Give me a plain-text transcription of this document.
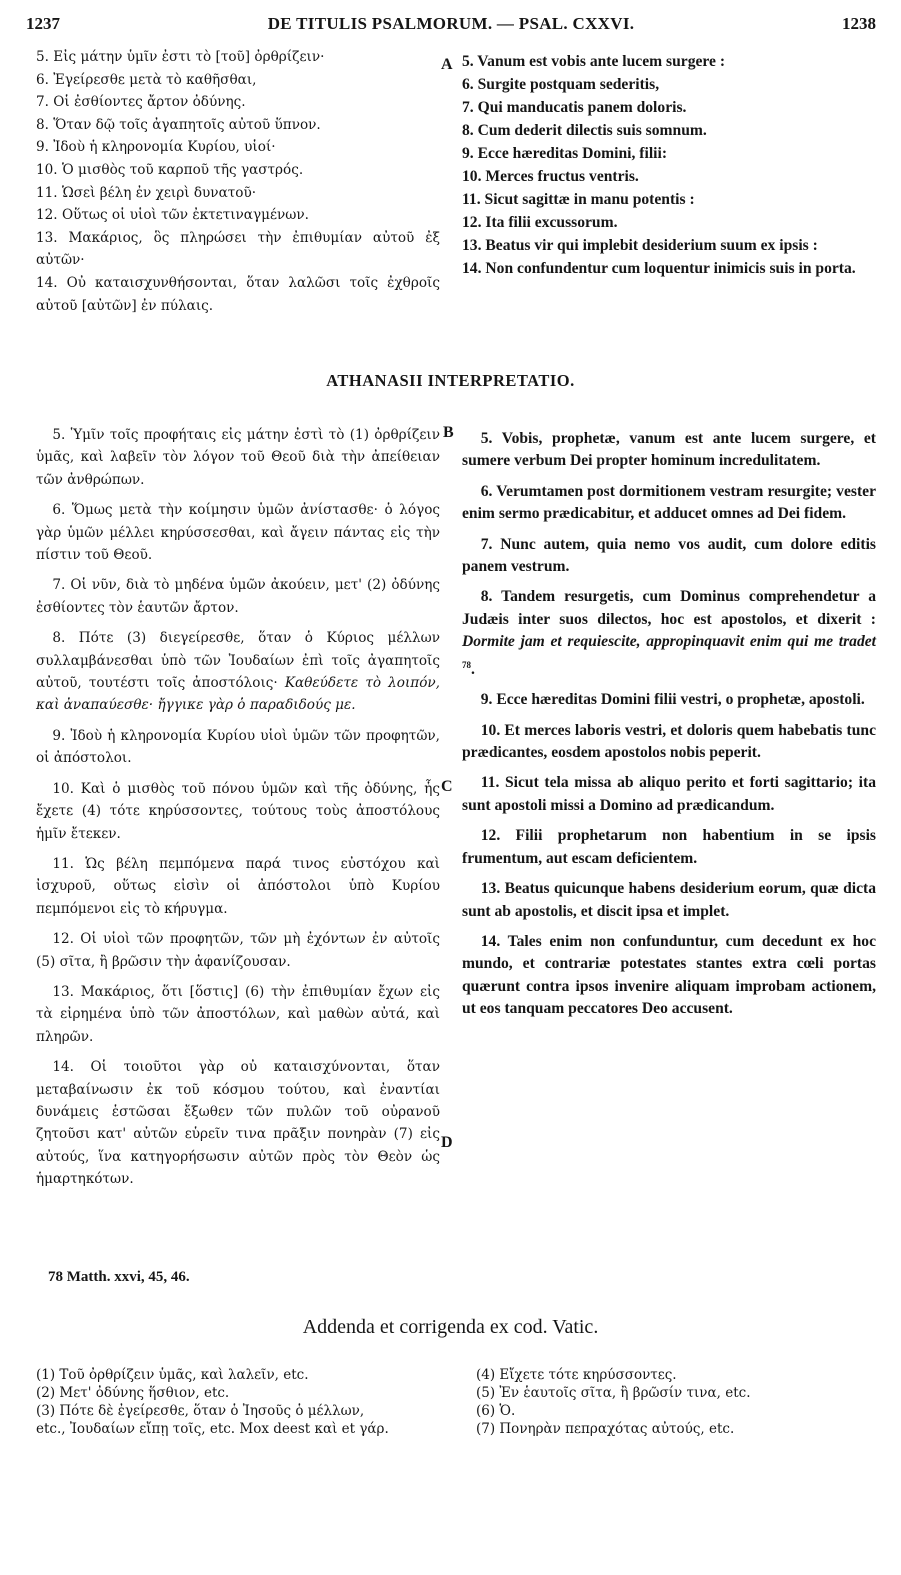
1237	DE TITULIS PSALMORUM. — PSAL. CXXVI.	1238

5. Εἰς μάτην ὑμῖν ἐστι τὸ [τοῦ] ὀρθρίζειν·

6. Ἐγείρεσθε μετὰ τὸ καθῆσθαι,

7. Οἱ ἐσθίοντες ἄρτον ὀδύνης.

8. Ὅταν δῷ τοῖς ἀγαπητοῖς αὐτοῦ ὕπνον.

9. Ἰδοὺ ἡ κληρονομία Κυρίου, υἱοί·

10. Ὁ μισθὸς τοῦ καρποῦ τῆς γαστρός.

11. Ὡσεὶ βέλη ἐν χειρὶ δυνατοῦ·

12. Οὕτως οἱ υἱοὶ τῶν ἐκτετιναγμένων.

13. Μακάριος, ὃς πληρώσει τὴν ἐπιθυμίαν αὐτοῦ ἐξ αὐτῶν·

14. Οὐ καταισχυνθήσονται, ὅταν λαλῶσι τοῖς ἐχθροῖς αὐτοῦ [αὐτῶν] ἐν πύλαις.

A 5. Vanum est vobis ante lucem surgere :

6. Surgite postquam sederitis,

7. Qui manducatis panem doloris.

8. Cum dederit dilectis suis somnum.

9. Ecce hæreditas Domini, filii:

10. Merces fructus ventris.

11. Sicut sagittæ in manu potentis :

12. Ita filii excussorum.

13. Beatus vir qui implebit desiderium suum ex ipsis :

14. Non confundentur cum loquentur inimicis suis in porta.

ATHANASII INTERPRETATIO.

5. Ὑμῖν τοῖς προφήταις εἰς μάτην ἐστὶ τὸ (1) ὀρθρίζειν ὑμᾶς, καὶ λαβεῖν τὸν λόγον τοῦ Θεοῦ διὰ τὴν ἀπείθειαν τῶν ἀνθρώπων.

6. Ὅμως μετὰ τὴν κοίμησιν ὑμῶν ἀνίστασθε· ὁ λόγος γὰρ ὑμῶν μέλλει κηρύσσεσθαι, καὶ ἄγειν πάντας εἰς τὴν πίστιν τοῦ Θεοῦ.

7. Οἱ νῦν, διὰ τὸ μηδένα ὑμῶν ἀκούειν, μετ' (2) ὀδύνης ἐσθίοντες τὸν ἑαυτῶν ἄρτον.

8. Πότε (3) διεγείρεσθε, ὅταν ὁ Κύριος μέλλων συλλαμβάνεσθαι ὑπὸ τῶν Ἰουδαίων ἐπὶ τοῖς ἀγαπητοῖς αὐτοῦ, τουτέστι τοῖς ἀποστόλοις· Καθεύδετε τὸ λοιπόν, καὶ ἀναπαύεσθε· ἤγγικε γὰρ ὁ παραδιδούς με.

9. Ἰδοὺ ἡ κληρονομία Κυρίου υἱοὶ ὑμῶν τῶν προφητῶν, οἱ ἀπόστολοι.

10. Καὶ ὁ μισθὸς τοῦ πόνου ὑμῶν καὶ τῆς ὀδύνης, ἧς ἔχετε (4) τότε κηρύσσοντες, τούτους τοὺς ἀποστόλους ἡμῖν ἔτεκεν.

11. Ὡς βέλη πεμπόμενα παρά τινος εὐστόχου καὶ ἰσχυροῦ, οὕτως εἰσὶν οἱ ἀπόστολοι ὑπὸ Κυρίου πεμπόμενοι εἰς τὸ κήρυγμα.

12. Οἱ υἱοὶ τῶν προφητῶν, τῶν μὴ ἐχόντων ἐν αὐτοῖς (5) σῖτα, ἢ βρῶσιν τὴν ἀφανίζουσαν.

13. Μακάριος, ὅτι [ὅστις] (6) τὴν ἐπιθυμίαν ἔχων εἰς τὰ εἰρημένα ὑπὸ τῶν ἀποστόλων, καὶ μαθὼν αὐτά, καὶ πληρῶν.

14. Οἱ τοιοῦτοι γὰρ οὐ καταισχύνονται, ὅταν μεταβαίνωσιν ἐκ τοῦ κόσμου τούτου, καὶ ἐναντίαι δυνάμεις ἑστῶσαι ἔξωθεν τῶν πυλῶν τοῦ οὐρανοῦ ζητοῦσι κατ' αὐτῶν εὑρεῖν τινα πρᾶξιν πονηρὰν (7) εἰς αὐτούς, ἵνα κατηγορήσωσιν αὐτῶν πρὸς τὸν Θεὸν ὡς ἡμαρτηκότων.

B
C
D

5. Vobis, prophetæ, vanum est ante lucem surgere, et sumere verbum Dei propter hominum incredulitatem.

6. Verumtamen post dormitionem vestram resurgite; vester enim sermo prædicabitur, et adducet omnes ad Dei fidem.

7. Nunc autem, quia nemo vos audit, cum dolore editis panem vestrum.

8. Tandem resurgetis, cum Dominus comprehendetur a Judæis inter suos dilectos, hoc est apostolos, et dixerit : Dormite jam et requiescite, appropinquavit enim qui me tradet $^{78}$.

9. Ecce hæreditas Domini filii vestri, o prophetæ, apostoli.

10. Et merces laboris vestri, et doloris quem habebatis tunc prædicantes, eosdem apostolos nobis peperit.

11. Sicut tela missa ab aliquo perito et forti sagittario; ita sunt apostoli missi a Domino ad prædicandum.

12. Filii prophetarum non habentium in se ipsis frumentum, aut escam deficientem.

13. Beatus quicunque habens desiderium eorum, quæ dicta sunt ab apostolis, et discit ipsa et implet.

14. Tales enim non confunduntur, cum decedunt ex hoc mundo, et contrariæ potestates stantes extra cœli portas quærunt contra ipsos invenire aliquam improbam actionem, ut eos tanquam peccatores Deo accusent.

78 Matth. xxvi, 45, 46.
Addenda et corrigenda ex cod. Vatic.
(1) Τοῦ ὀρθρίζειν ὑμᾶς, καὶ λαλεῖν, etc.
(2) Μετ' ὀδύνης ἥσθιον, etc.
(3) Πότε δὲ ἐγείρεσθε, ὅταν ὁ Ἰησοῦς ὁ μέλλων,
etc., Ἰουδαίων εἴπῃ τοῖς, etc. Mox deest καὶ et γάρ.
(4) Εἴχετε τότε κηρύσσοντες.
(5) Ἐν ἑαυτοῖς σῖτα, ἢ βρῶσίν τινα, etc.
(6) Ὁ.
(7) Πονηρὰν πεπραχότας αὐτούς, etc.
